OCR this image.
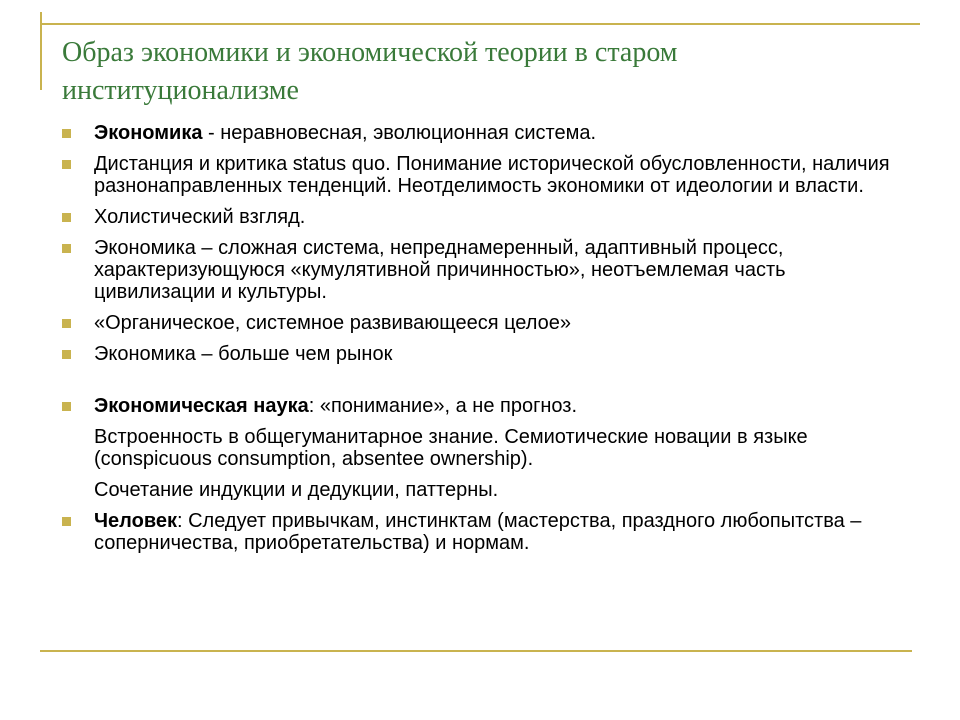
Образ экономики и экономической теории в старом институционализме
Экономика - неравновесная, эволюционная система.
Дистанция и критика status quo. Понимание исторической обусловленности, наличия разнонаправленных тенденций. Неотделимость экономики от идеологии и власти.
Холистический взгляд.
Экономика – сложная система, непреднамеренный, адаптивный процесс, характеризующуюся «кумулятивной причинностью», неотъемлемая часть цивилизации и культуры.
«Органическое, системное развивающееся целое»
Экономика – больше чем рынок
Экономическая наука: «понимание», а не прогноз.
Встроенность в общегуманитарное знание. Семиотические новации в языке (conspicuous consumption, absentee ownership).
Сочетание индукции и дедукции, паттерны.
Человек: Следует привычкам, инстинктам (мастерства, праздного любопытства – соперничества, приобретательства) и нормам.
